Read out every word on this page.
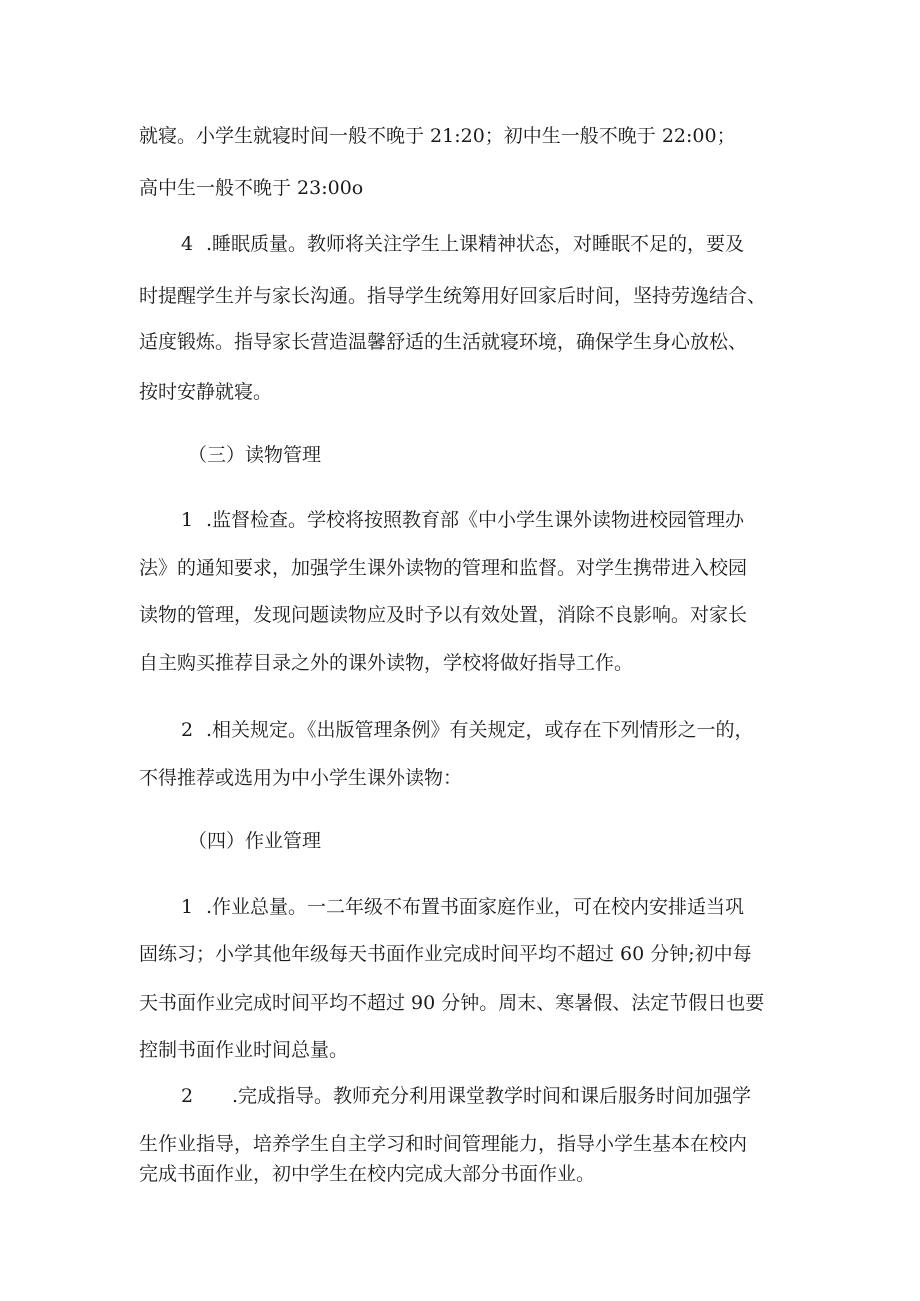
就寝。小学生就寝时间一般不晚于 21:20；初中生一般不晚于 22:00；
高中生一般不晚于 23:00o
4 .睡眠质量。教师将关注学生上课精神状态，对睡眠不足的，要及
时提醒学生并与家长沟通。指导学生统筹用好回家后时间，坚持劳逸结合、
适度锻炼。指导家长营造温馨舒适的生活就寝环境，确保学生身心放松、
按时安静就寝。
（三）读物管理
1 .监督检查。学校将按照教育部《中小学生课外读物进校园管理办
法》的通知要求，加强学生课外读物的管理和监督。对学生携带进入校园
读物的管理，发现问题读物应及时予以有效处置，消除不良影响。对家长
自主购买推荐目录之外的课外读物，学校将做好指导工作。
2 .相关规定。《出版管理条例》有关规定，或存在下列情形之一的，
不得推荐或选用为中小学生课外读物：
（四）作业管理
1 .作业总量。一二年级不布置书面家庭作业，可在校内安排适当巩
固练习；小学其他年级每天书面作业完成时间平均不超过 60 分钟;初中每
天书面作业完成时间平均不超过 90 分钟。周末、寒暑假、法定节假日也要
控制书面作业时间总量。
2 .完成指导。教师充分利用课堂教学时间和课后服务时间加强学
生作业指导，培养学生自主学习和时间管理能力，指导小学生基本在校内
完成书面作业，初中学生在校内完成大部分书面作业。
